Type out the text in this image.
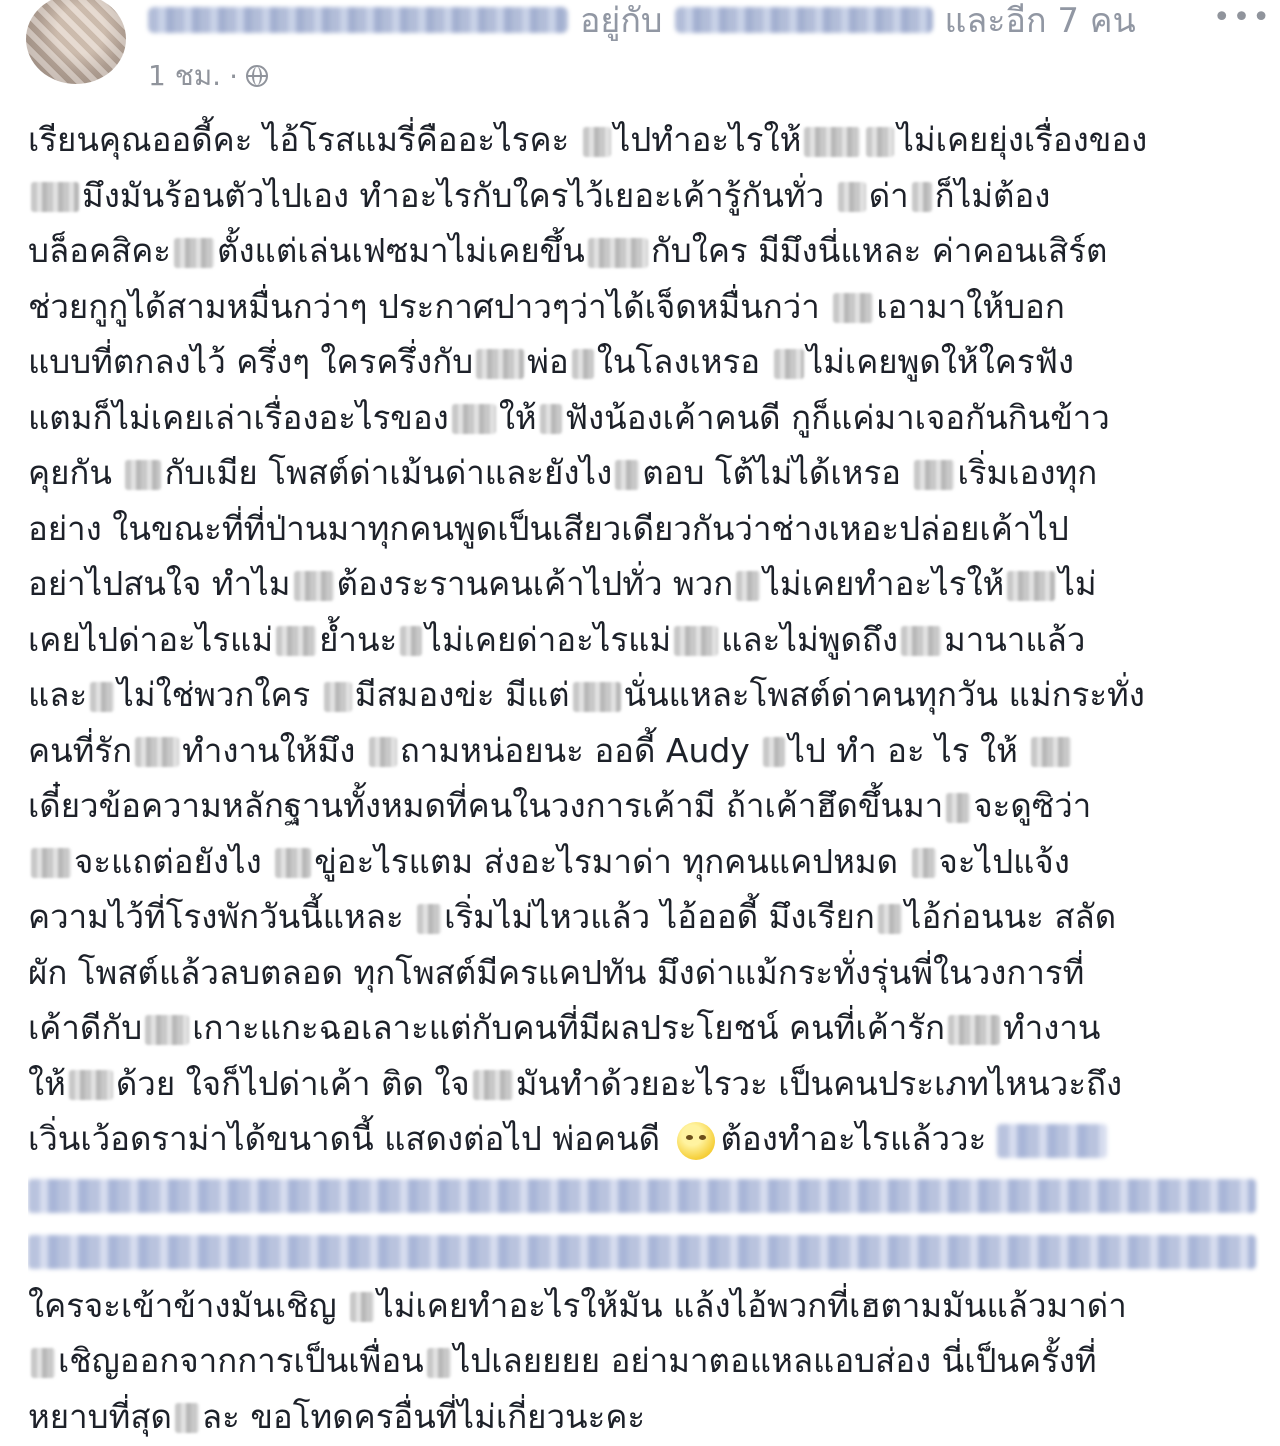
อยู่กับ	และอีก 7 คน	•••
1 ชม. ·
เรียนคุณออดี้คะ ไอ้โรสแมรี่คืออะไรคะ ไปทำอะไรให้	ไม่เคยยุ่งเรื่องของ
มึงมันร้อนตัวไปเอง ทำอะไรกับใครไว้เยอะเค้ารู้กันทั่ว ด่า ก็ไม่ต้อง
บล็อคสิคะ ตั้งแต่เล่นเฟซมาไม่เคยขึ้น กับใคร มีมึงนี่แหละ ค่าคอนเสิร์ต
ช่วยกูกูได้สามหมื่นกว่าๆ ประกาศปาวๆว่าได้เจ็ดหมื่นกว่า เอามาให้บอก
แบบที่ตกลงไว้ ครึ่งๆ ใครครึ่งกับ พ่อ ในโลงเหรอ ไม่เคยพูดให้ใครฟัง
แตมก็ไม่เคยเล่าเรื่องอะไรของ ให้ ฟังน้องเค้าคนดี กูก็แค่มาเจอกันกินข้าว
คุยกัน กับเมีย โพสต์ด่าเม้นด่าและยังไง ตอบ โต้ไม่ได้เหรอ เริ่มเองทุก
อย่าง ในขณะที่ที่ป่านมาทุกคนพูดเป็นเสียวเดียวกันว่าช่างเหอะปล่อยเค้าไป
อย่าไปสนใจ ทำไม ต้องระรานคนเค้าไปทั่ว พวก ไม่เคยทำอะไรให้ ไม่
เคยไปด่าอะไรแม่ ย้ำนะ ไม่เคยด่าอะไรแม่ และไม่พูดถึง มานาแล้ว
และ ไม่ใช่พวกใคร มีสมองข่ะ มีแต่ นั่นแหละโพสต์ด่าคนทุกวัน แม่กระทั่ง
คนที่รัก ทำงานให้มึง ถามหน่อยนะ ออดี้ Audy ไป ทำ อะ ไร ให้
เดี๋ยวข้อความหลักฐานทั้งหมดที่คนในวงการเค้ามี ถ้าเค้าฮึดขึ้นมา จะดูซิว่า
จะแถต่อยังไง ขู่อะไรแตม ส่งอะไรมาด่า ทุกคนแคปหมด จะไปแจ้ง
ความไว้ที่โรงพักวันนี้แหละ เริ่มไม่ไหวแล้ว ไอ้ออดี้ มึงเรียก ไอ้ก่อนนะ สลัด
ผัก โพสต์แล้วลบตลอด ทุกโพสต์มีครแคปทัน มึงด่าแม้กระทั่งรุ่นพี่ในวงการที่
เค้าดีกับ เกาะแกะฉอเลาะแต่กับคนที่มีผลประโยชน์ คนที่เค้ารัก ทำงาน
ให้ ด้วย ใจก็ไปด่าเค้า ติด ใจ มันทำด้วยอะไรวะ เป็นคนประเภทไหนวะถึง
เวิ่นเว้อดราม่าได้ขนาดนี้ แสดงต่อไป พ่อคนดี ต้องทำอะไรแล้ววะ
ใครจะเข้าข้างมันเชิญ ไม่เคยทำอะไรให้มัน แล้งไอ้พวกที่เฮตามมันแล้วมาด่า
เชิญออกจากการเป็นเพื่อน ไปเลยยยย อย่ามาตอแหลแอบส่อง นี่เป็นครั้งที่
หยาบที่สุด ละ ขอโทดครอื่นที่ไม่เกี่ยวนะคะ
